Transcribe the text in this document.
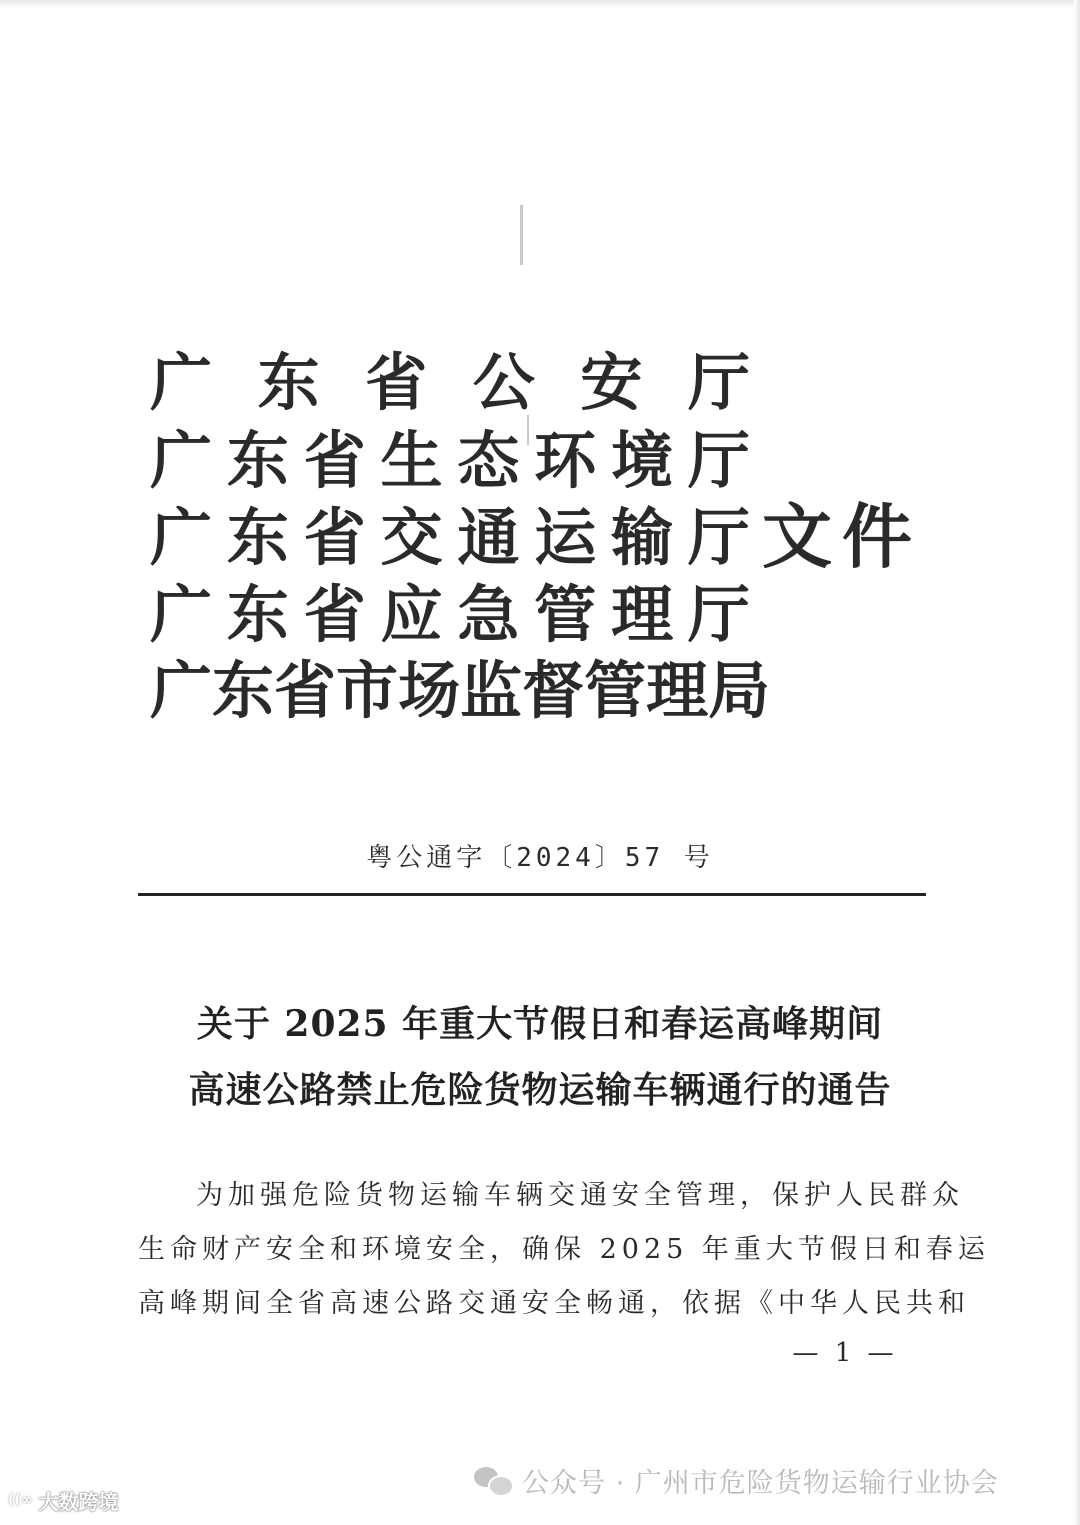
广 东 省 公 安 厅
广 东 省 生 态 环 境 厅
广 东 省 交 通 运 输 厅
广 东 省 应 急 管 理 厅
广 东 省 市 场 监 督 管 理 局
文件
粤公通字〔2024〕57 号
关于 2025 年重大节假日和春运高峰期间
高速公路禁止危险货物运输车辆通行的通告
为加强危险货物运输车辆交通安全管理，保护人民群众
生命财产安全和环境安全，确保 2025 年重大节假日和春运
高峰期间全省高速公路交通安全畅通，依据《中华人民共和
— 1 —
公众号 · 广州市危险货物运输行业协会
((∞ 大数跨境
